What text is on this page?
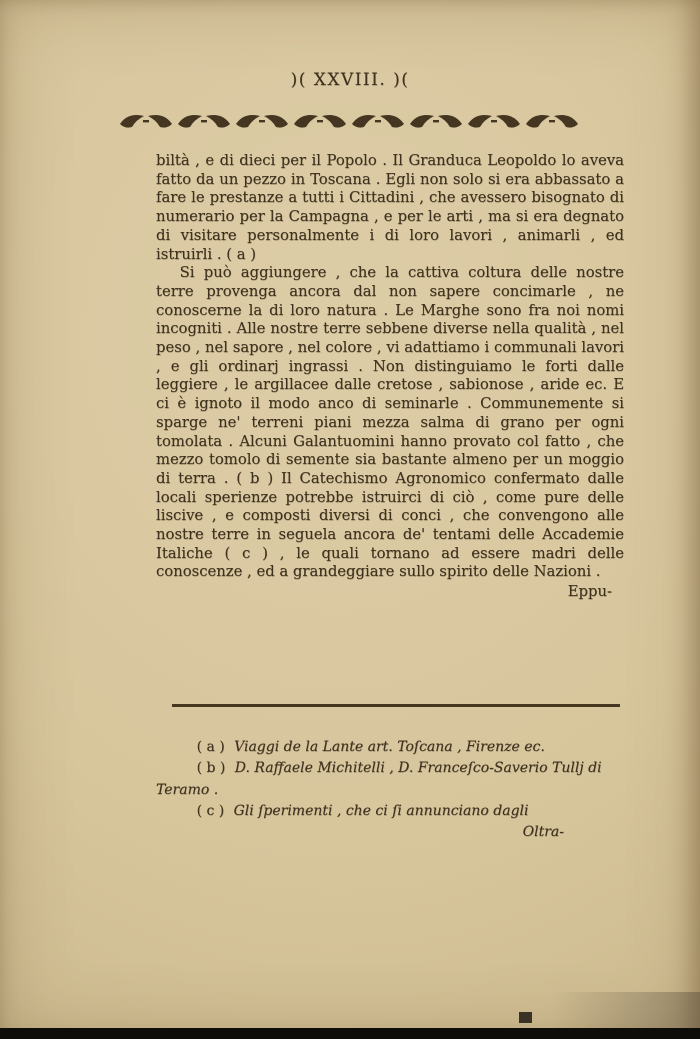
)( XXVIII. )(

biltà , e di dieci per il Popolo . Il Granduca Leopoldo lo aveva fatto da un pezzo in Toscana . Egli non solo si era abbassato a fare le prestanze a tutti i Cittadini , che avessero bisognato di numerario per la Campagna , e per le arti , ma si era degnato di visitare personalmente i di loro lavori , animarli , ed istruirli . ( a )

Si può aggiungere , che la cattiva coltura delle nostre terre provenga ancora dal non sapere concimarle , ne conoscerne la di loro natura . Le Marghe sono fra noi nomi incogniti . Alle nostre terre sebbene diverse nella qualità , nel peso , nel sapore , nel colore , vi adattiamo i communali lavori , e gli ordinarj ingrassi . Non distinguiamo le forti dalle leggiere , le argillacee dalle cretose , sabionose , aride ec. E ci è ignoto il modo anco di seminarle . Communemente si sparge ne' terreni piani mezza salma di grano per ogni tomolata . Alcuni Galantuomini hanno provato col fatto , che mezzo tomolo di semente sia bastante almeno per un moggio di terra . ( b ) Il Catechismo Agronomico confermato dalle locali sperienze potrebbe istruirci di ciò , come pure delle liscive , e composti diversi di conci , che convengono alle nostre terre in seguela ancora de' tentami delle Accademie Italiche ( c ) , le quali tornano ad essere madri delle conoscenze , ed a grandeggiare sullo spirito delle Nazioni .

Eppu-

( a ) Viaggi de la Lante art. Toſcana , Firenze ec.

( b ) D. Raffaele Michitelli , D. Franceſco-Saverio Tullj di Teramo .

( c ) Gli ſperimenti , che ci ſi annunciano dagli

Oltra-
